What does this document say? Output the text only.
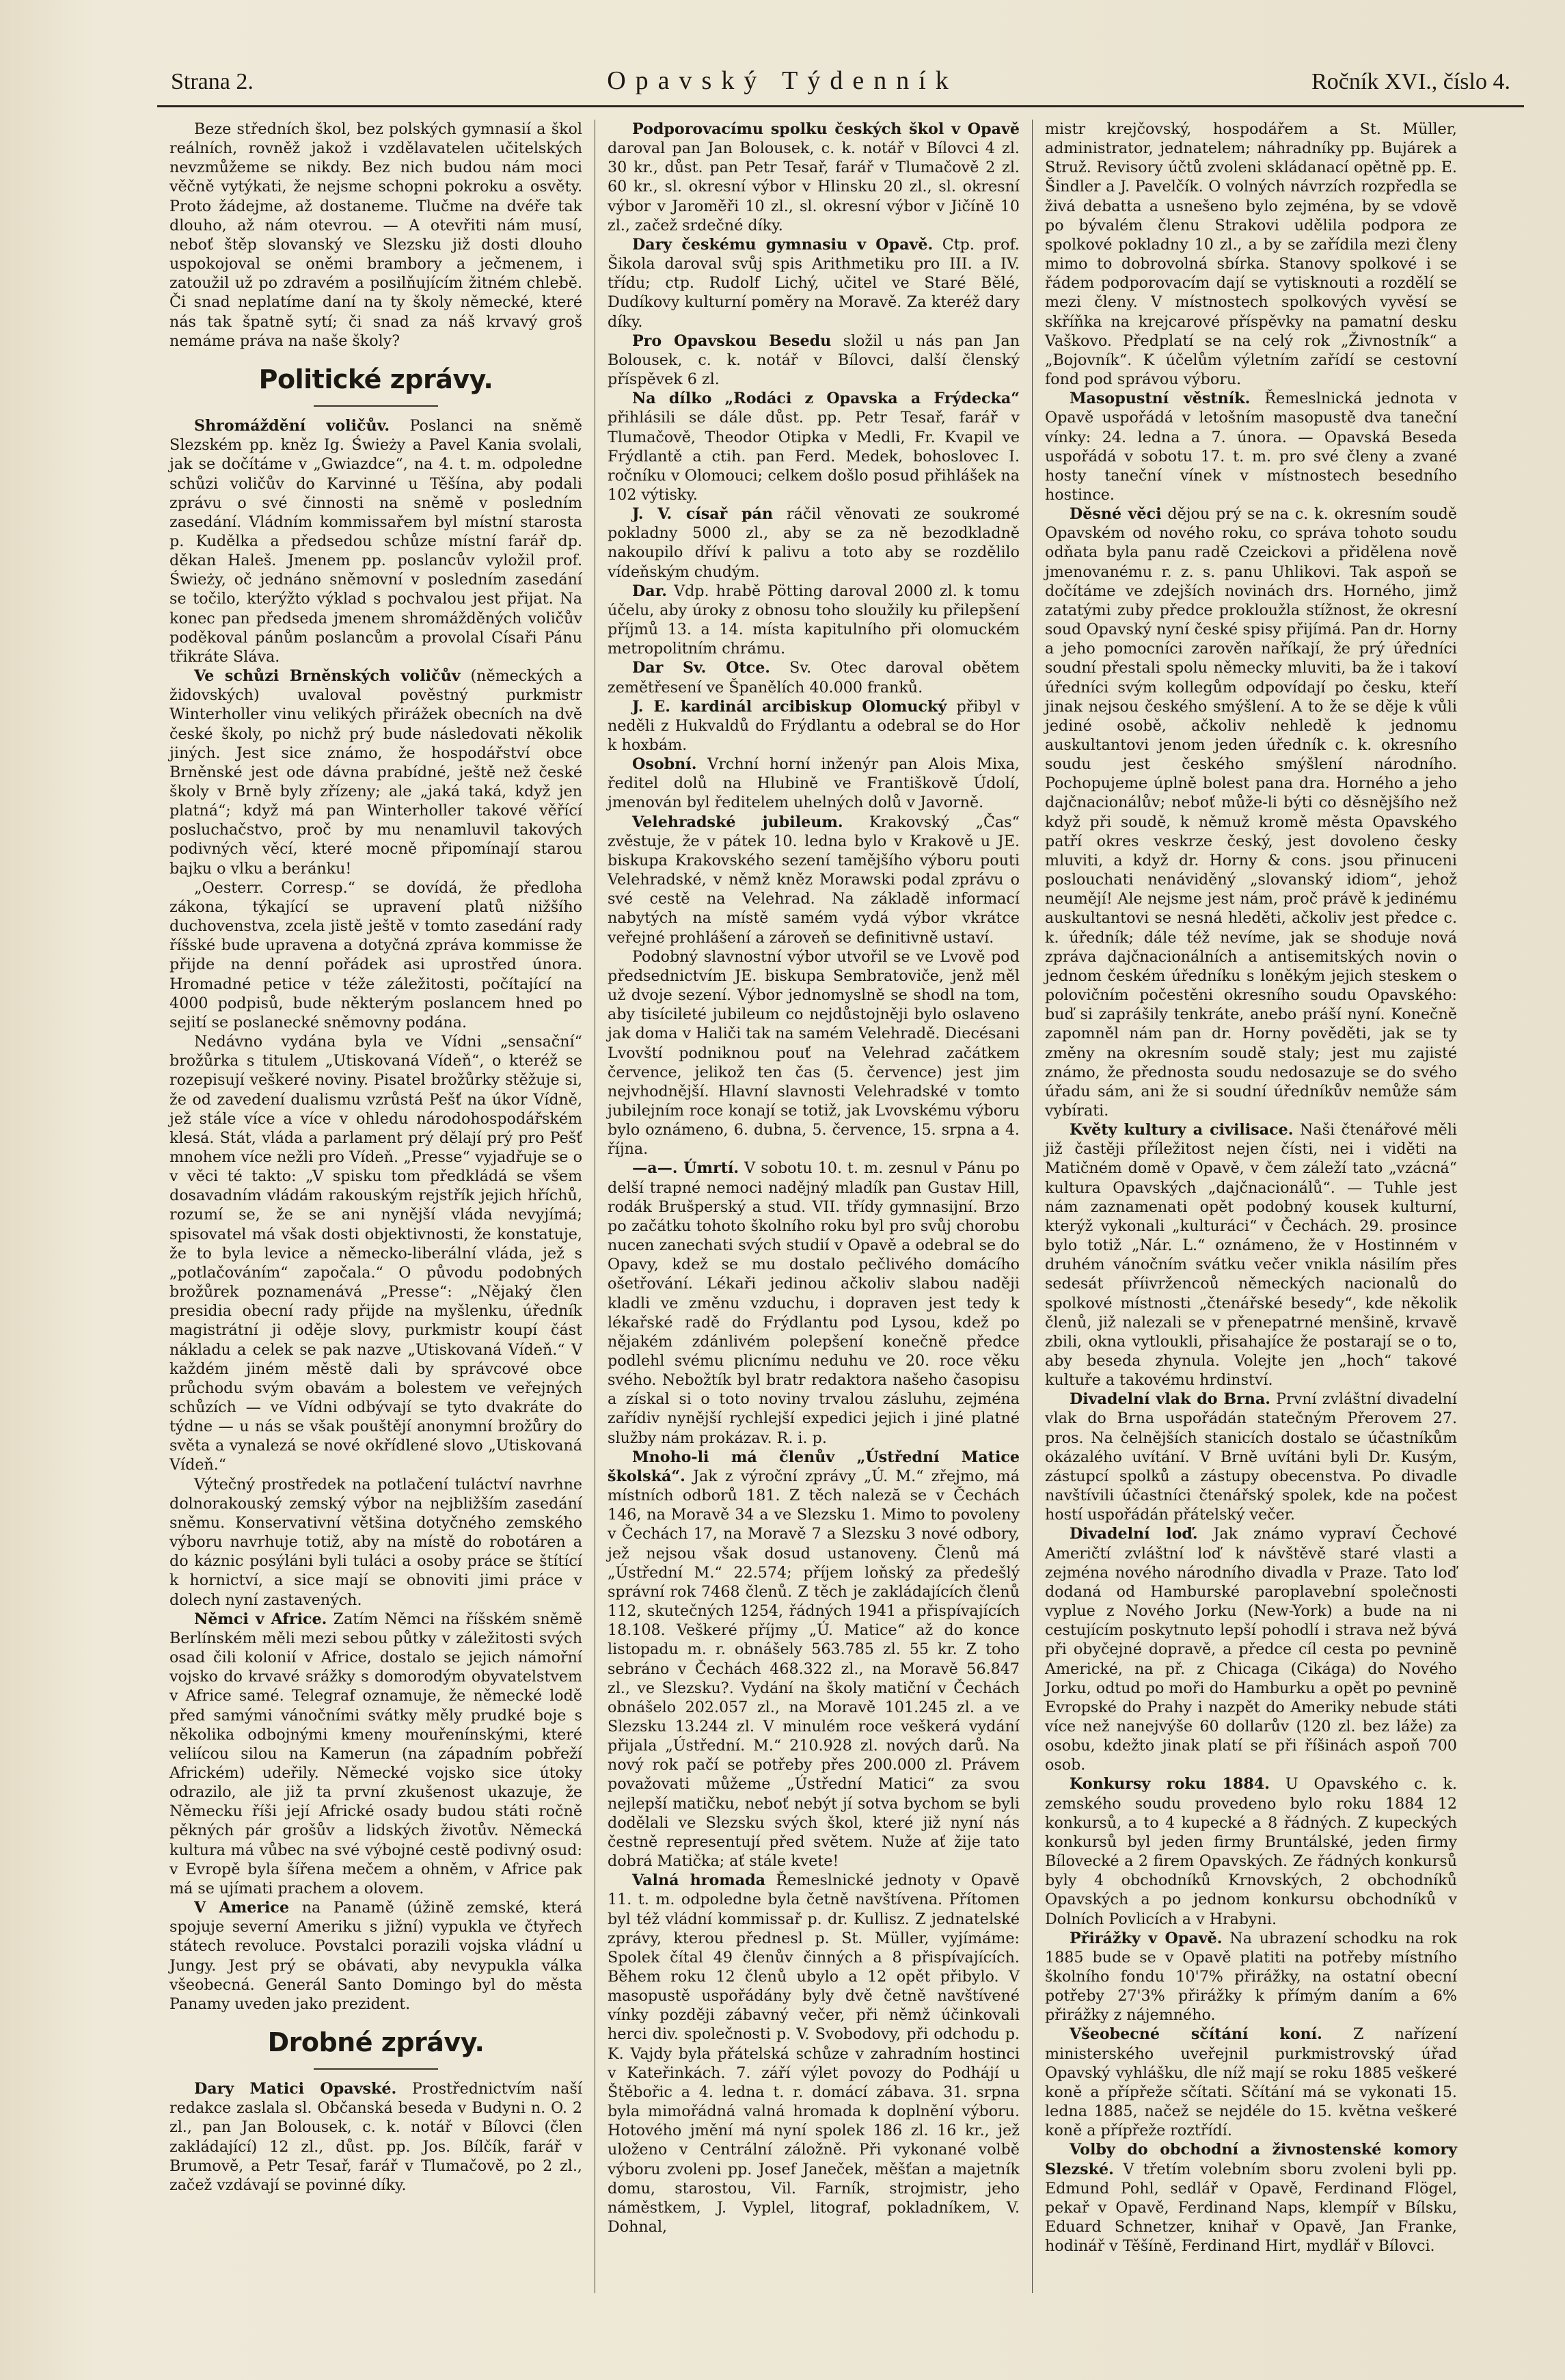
Strana 2.	Opavský Týdenník	Ročník XVI., číslo 4.

Beze středních škol, bez polských gymnasií a škol reálních, rovněž jakož i vzdělavatelen učitelských nevzmůžeme se nikdy. Bez nich budou nám moci věčně vytýkati, že nejsme schopni pokroku a osvěty. Proto žádejme, až dostaneme. Tlučme na dvéře tak dlouho, až nám otevrou. — A otevřiti nám musí, neboť štěp slovanský ve Slezsku již dosti dlouho uspokojoval se oněmi brambory a ječmenem, i zatoužil už po zdravém a posilňujícím žitném chlebě. Či snad neplatíme daní na ty školy německé, které nás tak špatně sytí; či snad za náš krvavý groš nemáme práva na naše školy?

Politické zprávy.

Shromáždění voličův. Poslanci na sněmě Slezském pp. kněz Ig. Świeży a Pavel Kania svolali, jak se dočítáme v „Gwiazdce“, na 4. t. m. odpoledne schůzi voličův do Karvinné u Těšína, aby podali zprávu o své činnosti na sněmě v posledním zasedání. Vládním kommissařem byl místní starosta p. Kudělka a předsedou schůze místní farář dp. děkan Haleš. Jmenem pp. poslancův vyložil prof. Świeży, oč jednáno sněmovní v posledním zasedání se točilo, kterýžto výklad s pochvalou jest přijat. Na konec pan předseda jmenem shromážděných voličův poděkoval pánům poslancům a provolal Císaři Pánu třikráte Sláva.

Ve schůzi Brněnských voličův (německých a židovských) uvaloval pověstný purkmistr Winterholler vinu velikých přirážek obecních na dvě české školy, po nichž prý bude následovati několik jiných. Jest sice známo, že hospodářství obce Brněnské jest ode dávna prabídné, ještě než české školy v Brně byly zřízeny; ale „jaká taká, když jen platná“; když má pan Winterholler takové věřící posluchačstvo, proč by mu nenamluvil takových podivných věcí, které mocně připomínají starou bajku o vlku a beránku!

„Oesterr. Corresp.“ se dovídá, že předloha zákona, týkající se upravení platů nižšího duchovenstva, zcela jistě ještě v tomto zasedání rady říšské bude upravena a dotyčná zpráva kommisse že přijde na denní pořádek asi uprostřed února. Hromadné petice v téže záležitosti, počítající na 4000 podpisů, bude některým poslancem hned po sejití se poslanecké sněmovny podána.

Nedávno vydána byla ve Vídni „sensační“ brožůrka s titulem „Utiskovaná Vídeň“, o kteréž se rozepisují veškeré noviny. Pisatel brožůrky stěžuje si, že od zavedení dualismu vzrůstá Pešť na úkor Vídně, jež stále více a více v ohledu národohospodářském klesá. Stát, vláda a parlament prý dělají prý pro Pešť mnohem více nežli pro Vídeň. „Presse“ vyjadřuje se o v věci té takto: „V spisku tom předkládá se všem dosavadním vládám rakouským rejstřík jejich hříchů, rozumí se, že se ani nynější vláda nevyjímá; spisovatel má však dosti objektivnosti, že konstatuje, že to byla levice a německo-liberální vláda, jež s „potlačováním“ započala.“ O původu podobných brožůrek poznamenává „Presse“: „Nějaký člen presidia obecní rady přijde na myšlenku, úředník magistrátní ji odějе slovy, purkmistr koupí část nákladu a celek se pak nazve „Utiskovaná Vídeň.“ V každém jiném městě dali by správcové obce průchodu svým obavám a bolestem ve veřejných schůzích — ve Vídni odbývají se tyto dvakráte do týdne — u nás se však pouštějí anonymní brožůry do světa a vynalezá se nové okřídlené slovo „Utiskovaná Vídeň.“

Výtečný prostředek na potlačení tuláctví navrhne dolnorakouský zemský výbor na nejbližším zasedání sněmu. Konservativní většina dotyčného zemského výboru navrhuje totiž, aby na místě do robotáren a do káznic posýláni byli tuláci a osoby práce se štítící k hornictví, a sice mají se obnoviti jimi práce v dolech nyní zastavených.

Němci v Africe. Zatím Němci na říšském sněmě Berlínském měli mezi sebou půtky v záležitosti svých osad čili kolonií v Africe, dostalo se jejich námořní vojsko do krvavé srážky s domorodým obyvatelstvem v Africe samé. Telegraf oznamuje, že německé lodě před samými vánočními svátky měly prudké boje s několika odbojnými kmeny mouřenínskými, které veliícou silou na Kamerun (na západním pobřeží Africkém) udeřily. Německé vojsko sice útoky odrazilo, ale již ta první zkušenost ukazuje, že Německu říši její Africké osady budou státi ročně pěkných pár grošův a lidských životův. Německá kultura má vůbec na své výbojné cestě podivný osud: v Evropě byla šířena mečem a ohněm, v Africe pak má se ujímati prachem a olovem.

V Americe na Panamě (úžině zemské, která spojuje severní Ameriku s jižní) vypukla ve čtyřech státech revoluce. Povstalci porazili vojska vládní u Jungy. Jest prý se obávati, aby nevypukla válka všeobecná. Generál Santo Domingo byl do města Panamy uveden jako prezident.

Drobné zprávy.

Dary Matici Opavské. Prostřednictvím naší redakce zaslala sl. Občanská beseda v Budyni n. O. 2 zl., pan Jan Bolousek, c. k. notář v Bílovci (člen zakládající) 12 zl., důst. pp. Jos. Bílčík, farář v Brumově, a Petr Tesař, farář v Tlumačově, po 2 zl., začež vzdávají se povinné díky.

Podporovacímu spolku českých škol v Opavě daroval pan Jan Bolousek, c. k. notář v Bílovci 4 zl. 30 kr., důst. pan Petr Tesař, farář v Tlumačově 2 zl. 60 kr., sl. okresní výbor v Hlinsku 20 zl., sl. okresní výbor v Jaroměři 10 zl., sl. okresní výbor v Jičíně 10 zl., začež srdečné díky.

Dary českému gymnasiu v Opavě. Ctp. prof. Šikola daroval svůj spis Arithmetiku pro III. a IV. třídu; ctp. Rudolf Lichý, učitel ve Staré Bělé, Dudíkovy kulturní poměry na Moravě. Za kteréž dary díky.

Pro Opavskou Besedu složil u nás pan Jan Bolousek, c. k. notář v Bílovci, další členský příspěvek 6 zl.

Na dílko „Rodáci z Opavska a Frýdecka“ přihlásili se dále důst. pp. Petr Tesař, farář v Tlumačově, Theodor Otipka v Medli, Fr. Kvapil ve Frýdlantě a ctih. pan Ferd. Medek, bohoslovec I. ročníku v Olomouci; celkem došlo posud přihlášek na 102 výtisky.

J. V. císař pán ráčil věnovati ze soukromé pokladny 5000 zl., aby se za ně bezodkladně nakoupilo dříví k palivu a toto aby se rozdělilo vídeňským chudým.

Dar. Vdp. hrabě Pötting daroval 2000 zl. k tomu účelu, aby úroky z obnosu toho sloužily ku přilepšení příjmů 13. a 14. místa kapitulního při olomuckém metropolitním chrámu.

Dar Sv. Otce. Sv. Otec daroval obětem zemětřesení ve Španělích 40.000 franků.

J. E. kardinál arcibiskup Olomucký přibyl v neděli z Hukvaldů do Frýdlantu a odebral se do Hor k hoxbám.

Osobní. Vrchní horní inženýr pan Alois Mixa, ředitel dolů na Hlubině ve Františkově Údolí, jmenován byl ředitelem uhelných dolů v Javorně.

Velehradské jubileum. Krakovský „Čas“ zvěstuje, že v pátek 10. ledna bylo v Krakově u JE. biskupa Krakovského sezení tamějšího výboru pouti Velehradské, v němž kněz Morawski podal zprávu o své cestě na Velehrad. Na základě informací nabytých na místě samém vydá výbor vkrátce veřejné prohlášení a zároveň se definitivně ustaví.

Podobný slavnostní výbor utvořil se ve Lvově pod předsednictvím JE. biskupa Sembratoviče, jenž měl už dvoje sezení. Výbor jednomyslně se shodl na tom, aby tisícileté jubileum co nejdůstojněji bylo oslaveno jak doma v Haliči tak na samém Velehradě. Diecésani Lvovští podniknou pouť na Velehrad začátkem července, jelikož ten čas (5. července) jest jim nejvhodnější. Hlavní slavnosti Velehradské v tomto jubilejním roce konají se totiž, jak Lvovskému výboru bylo oznámeno, 6. dubna, 5. července, 15. srpna a 4. října.

—a—. Úmrtí. V sobotu 10. t. m. zesnul v Pánu po delší trapné nemoci nadějný mladík pan Gustav Hill, rodák Brušperský a stud. VII. třídy gymnasijní. Brzo po začátku tohoto školního roku byl pro svůj chorobu nucen zanechati svých studií v Opavě a odebral se do Opavy, kdež se mu dostalo pečlivého domácího ošetřování. Lékaři jedinou ačkoliv slabou naději kladli ve změnu vzduchu, i dopraven jest tedy k lékařské radě do Frýdlantu pod Lysou, kdež po nějakém zdánlivém polepšení konečně předce podlehl svému plicnímu neduhu ve 20. roce věku svého. Nebožtík byl bratr redaktora našeho časopisu a získal si o toto noviny trvalou zásluhu, zejména zařídiv nynější rychlejší expedici jejich i jiné platné služby nám prokázav. R. i. p.

Mnoho-li má členův „Ústřední Matice školská“. Jak z výroční zprávy „Ú. M.“ zřejmo, má místních odborů 181. Z těch naleză se v Čechách 146, na Moravě 34 a ve Slezsku 1. Mimo to povoleny v Čechách 17, na Moravě 7 a Slezsku 3 nové odbory, jež nejsou však dosud ustanoveny. Členů má „Ústřední M.“ 22.574; příjem loňský za předešlý správní rok 7468 členů. Z těch je zakládajících členů 112, skutečných 1254, řádných 1941 a přispívajících 18.108. Veškeré příjmy „Ú. Matice“ až do konce listopadu m. r. obnášely 563.785 zl. 55 kr. Z toho sebráno v Čechách 468.322 zl., na Moravě 56.847 zl., ve Slezsku?. Vydání na školy matiční v Čechách obnášelo 202.057 zl., na Moravě 101.245 zl. a ve Slezsku 13.244 zl. V minulém roce veškerá vydání přijala „Ústřední. M.“ 210.928 zl. nových darů. Na nový rok pačí se potřeby přes 200.000 zl. Právem považovati můžeme „Ústřední Matici“ za svou nejlepší matičku, neboť nebýt jí sotva bychom se byli dodělali ve Slezsku svých škol, které již nyní nás čestně representují před světem. Nuže ať žije tato dobrá Matička; ať stále kvete!

Valná hromada Řemeslnické jednoty v Opavě 11. t. m. odpoledne byla četně navštívena. Přítomen byl též vládní kommissař p. dr. Kullisz. Z jednatelské zprávy, kterou přednesl p. St. Müller, vyjímáme: Spolek čítal 49 členův činných a 8 přispívajících. Během roku 12 členů ubylo a 12 opět přibylo. V masopustě uspořádány byly dvě četně navštívené vínky později zábavný večer, při němž účinkovali herci div. společnosti p. V. Svobodovy, při odchodu p. K. Vajdy byla přátelská schůze v zahradním hostinci v Kateřinkách. 7. září výlet povozy do Podhájí u Štěbořic a 4. ledna t. r. domácí zábava. 31. srpna byla mimořádná valná hromada k doplnění výboru. Hotového jmění má nyní spolek 186 zl. 16 kr., jež uloženo v Centrální záložně. Při vykonané volbě výboru zvoleni pp. Josef Janeček, měšťan a majetník domu, starostou, Vil. Farník, strojmistr, jeho náměstkem, J. Vyplel, litograf, pokladníkem, V. Dohnal,

mistr krejčovský, hospodářem a St. Müller, administrator, jednatelem; náhradníky pp. Bujárek a Struž. Revisory účtů zvoleni skládanací opětně pp. E. Šindler a J. Pavelčík. O volných návrzích rozpředla se živá debatta a usnešeno bylo zejména, by se vdově po bývalém členu Strakovi udělila podpora ze spolkové pokladny 10 zl., a by se zařídila mezi členy mimo to dobrovolná sbírka. Stanovy spolkové i se řádem podporovacím dají se vytisknouti a rozdělí se mezi členy. V místnostech spolkových vyvěsí se skříňka na krejcarové příspěvky na pamatní desku Vaškovo. Předplatí se na celý rok „Živnostník“ a „Bojovník“. K účelům výletním zařídí se cestovní fond pod správou výboru.

Masopustní věstník. Řemeslnická jednota v Opavě uspořádá v letošním masopustě dva taneční vínky: 24. ledna a 7. února. — Opavská Beseda uspořádá v sobotu 17. t. m. pro své členy a zvané hosty taneční vínek v místnostech besedního hostince.

Děsné věci dějou prý se na c. k. okresním soudě Opavském od nového roku, co správa tohoto soudu odňata byla panu radě Czeickovi a přidělena nově jmenovanému r. z. s. panu Uhlikovi. Tak aspoň se dočítáme ve zdejších novinách drs. Horného, jimž zatatými zuby předce prokloužla stížnost, že okresní soud Opavský nyní české spisy přijímá. Pan dr. Horny a jeho pomocníci zarověn naříkají, že prý úředníci soudní přestali spolu německy mluviti, ba že i takoví úředníci svým kollegům odpovídají po česku, kteří jinak nejsou českého smýšlení. A to že se děje k vůli jediné osobě, ačkoliv nehledě k jednomu auskultantovi jenom jeden úředník c. k. okresního soudu jest českého smýšlení národního. Pochopujeme úplně bolest pana dra. Horného a jeho dajčnacionálův; neboť může-li býti co děsnějšího než když při soudě, k němuž kromě města Opavského patří okres veskrze český, jest dovoleno česky mluviti, a když dr. Horny & cons. jsou přinuceni poslouchati nenáviděný „slovanský idiom“, jehož neumějí! Ale nejsme jest nám, proč právě k jedinému auskultantovi se nesná hleděti, ačkoliv jest předce c. k. úředník; dále též nevíme, jak se shoduje nová zpráva dajčnacionálních a antisemitských novin o jednom českém úředníku s loněkým jejich steskem o polovičním počestěni okresního soudu Opavského: buď si zaprášily tenkráte, anebo práší nyní. Konečně zapomněl nám pan dr. Horny pověděti, jak se ty změny na okresním soudě staly; jest mu zajisté známo, že přednosta soudu nedosazuje se do svého úřadu sám, ani že si soudní úředníkův nemůže sám vybírati.

Květy kultury a civilisace. Naši čtenářové měli již častěji příležitost nejen čísti, nei i viděti na Matičném domě v Opavě, v čem záleží tato „vzácná“ kultura Opavských „dajčnacionálů“. — Tuhle jest nám zaznamenati opět podobný kousek kulturní, kterýž vykonali „kulturáci“ v Čechách. 29. prosince bylo totiž „Nár. L.“ oznámeno, že v Hostinném v druhém vánočním svátku večer vnikla násilím přes sedesát příivržencoů německých nacionalů do spolkové místnosti „čtenářské besedy“, kde několik členů, již nalezali se v přenepatrné menšině, krvavě zbili, okna vytloukli, přisahajíce že postarají se o to, aby beseda zhynula. Volejte jen „hoch“ takové kultuře a takovému hrdinství.

Divadelní vlak do Brna. První zvláštní divadelní vlak do Brna uspořádán statečným Přerovem 27. pros. Na čelnějších stanicích dostalo se účastníkům okázalého uvítání. V Brně uvítáni byli Dr. Kusým, zástupcí spolků a zástupy obecenstva. Po divadle navštívili účastníci čtenářský spolek, kde na počest hostí uspořádán přátelský večer.

Divadelní loď. Jak známo vypraví Čechové Američtí zvláštní loď k návštěvě staré vlasti a zejména nového národního divadla v Praze. Tato loď dodaná od Hamburské paroplavební společnosti vyplue z Nového Jorku (New-York) a bude na ni cestujícím poskytnuto lepší pohodlí i strava než bývá při obyčejné dopravě, a předce cíl cesta po pevnině Americké, na př. z Chicaga (Cikága) do Nového Jorku, odtud po moři do Hamburku a opět po pevnině Evropské do Prahy i nazpět do Ameriky nebude státi více než nanejvýše 60 dollarův (120 zl. bez láže) za osobu, kdežto jinak platí se při říšinách aspoň 700 osob.

Konkursy roku 1884. U Opavského c. k. zemského soudu provedeno bylo roku 1884 12 konkursů, a to 4 kupecké a 8 řádných. Z kupeckých konkursů byl jeden firmy Bruntálské, jeden firmy Bílovecké a 2 firem Opavských. Ze řádných konkursů byly 4 obchodníků Krnovských, 2 obchodníků Opavských a po jednom konkursu obchodníků v Dolních Povlicích a v Hrabyni.

Přirážky v Opavě. Na ubrazení schodku na rok 1885 bude se v Opavě platiti na potřeby místního školního fondu 10'7% přirážky, na ostatní obecní potřeby 27'3% přirážky k přímým daním a 6% přirážky z nájemného.

Všeobecné sčítání koní. Z nařízení ministerského uveřejnil purkmistrovský úřad Opavský vyhlášku, dle níž mají se roku 1885 veškeré koně a přípřeže sčítati. Sčítání má se vykonati 15. ledna 1885, načež se nejdéle do 15. května veškeré koně a přípřeže roztřídí.

Volby do obchodní a živnostenské komory Slezské. V třetím volebním sboru zvoleni byli pp. Edmund Pohl, sedlář v Opavě, Ferdinand Flögel, pekař v Opavě, Ferdinand Naps, klempíř v Bílsku, Eduard Schnetzer, knihař v Opavě, Jan Franke, hodinář v Těšíně, Ferdinand Hirt, mydlář v Bílovci.
